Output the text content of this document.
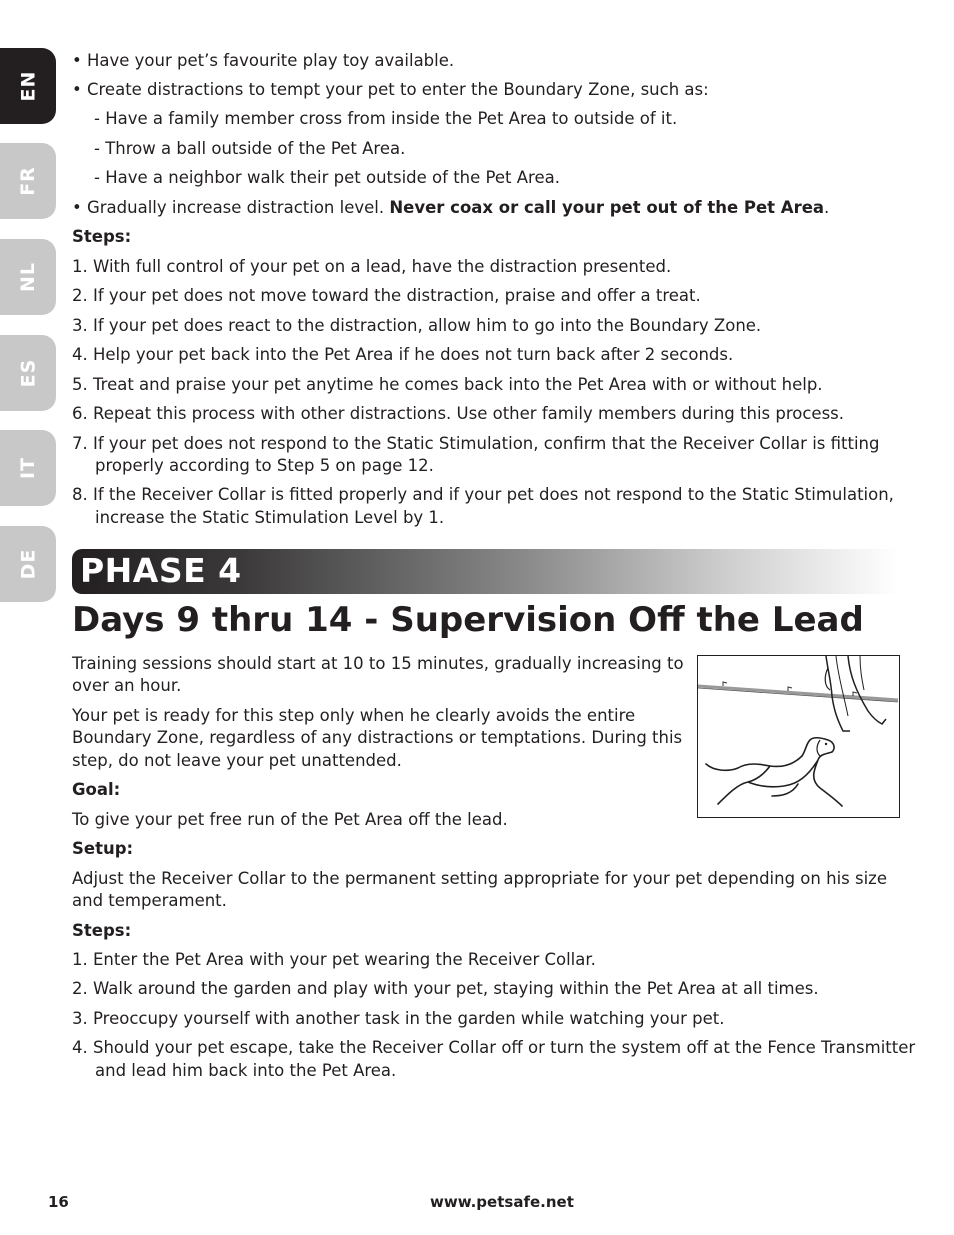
EN
FR
NL
ES
IT
DE
• Have your pet’s favourite play toy available.
• Create distractions to tempt your pet to enter the Boundary Zone, such as:
- Have a family member cross from inside the Pet Area to outside of it.
- Throw a ball outside of the Pet Area.
- Have a neighbor walk their pet outside of the Pet Area.
• Gradually increase distraction level. Never coax or call your pet out of the Pet Area.
Steps:
1. With full control of your pet on a lead, have the distraction presented.
2. If your pet does not move toward the distraction, praise and offer a treat.
3. If your pet does react to the distraction, allow him to go into the Boundary Zone.
4. Help your pet back into the Pet Area if he does not turn back after 2 seconds.
5. Treat and praise your pet anytime he comes back into the Pet Area with or without help.
6. Repeat this process with other distractions. Use other family members during this process.
7. If your pet does not respond to the Static Stimulation, confirm that the Receiver Collar is fitting
properly according to Step 5 on page 12.
8. If the Receiver Collar is fitted properly and if your pet does not respond to the Static Stimulation,
increase the Static Stimulation Level by 1.
PHASE 4
Days 9 thru 14 - Supervision Off the Lead
Training sessions should start at 10 to 15 minutes, gradually increasing to
over an hour.
Your pet is ready for this step only when he clearly avoids the entire
Boundary Zone, regardless of any distractions or temptations. During this
step, do not leave your pet unattended.
Goal:
To give your pet free run of the Pet Area off the lead.
Setup:
Adjust the Receiver Collar to the permanent setting appropriate for your pet depending on his size
and temperament.
Steps:
1. Enter the Pet Area with your pet wearing the Receiver Collar.
2. Walk around the garden and play with your pet, staying within the Pet Area at all times.
3. Preoccupy yourself with another task in the garden while watching your pet.
4. Should your pet escape, take the Receiver Collar off or turn the system off at the Fence Transmitter
and lead him back into the Pet Area.
16	www.petsafe.net
